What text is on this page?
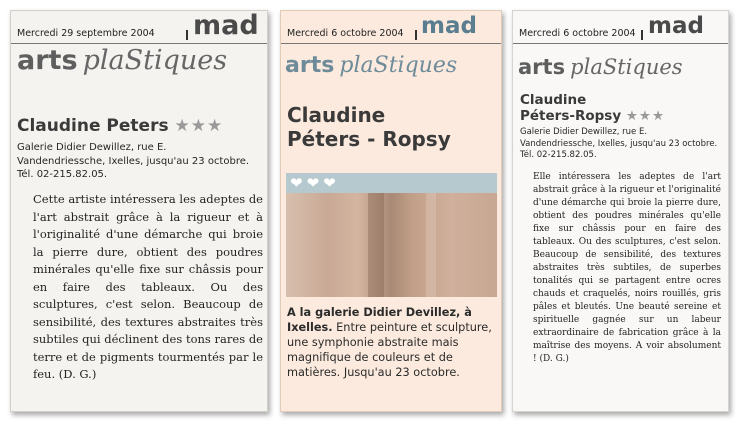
Mercredi 29 septembre 2004 mad
arts plaStiques
Claudine Peters ★★★
Galerie Didier Dewillez, rue E. Vandendriessche, Ixelles, jusqu'au 23 octobre. Tél. 02-215.82.05.
Cette artiste intéressera les adeptes de l'art abstrait grâce à la rigueur et à l'originalité d'une démarche qui broie la pierre dure, obtient des poudres minérales qu'elle fixe sur châssis pour en faire des tableaux. Ou des sculptures, c'est selon. Beaucoup de sensibilité, des textures abstraites très subtiles qui déclinent des tons rares de terre et de pigments tourmentés par le feu. (D. G.)
Mercredi 6 octobre 2004 mad
arts plaStiques
Claudine
Péters - Ropsy
❤❤❤
A la galerie Didier Devillez, à Ixelles. Entre peinture et sculpture, une symphonie abstraite mais magnifique de couleurs et de matières. Jusqu'au 23 octobre.
Mercredi 6 octobre 2004 mad
arts plaStiques
Claudine
Péters-Ropsy ★★★
Galerie Didier Dewillez, rue E. Vandendriessche, Ixelles, jusqu'au 23 octobre. Tél. 02-215.82.05.
Elle intéressera les adeptes de l'art abstrait grâce à la rigueur et l'originalité d'une démarche qui broie la pierre dure, obtient des poudres minérales qu'elle fixe sur châssis pour en faire des tableaux. Ou des sculptures, c'est selon. Beaucoup de sensibilité, des textures abstraites très subtiles, de superbes tonalités qui se partagent entre ocres chauds et craquelés, noirs rouillés, gris pâles et bleutés. Une beauté sereine et spirituelle gagnée sur un labeur extraordinaire de fabrication grâce à la maîtrise des moyens. A voir absolument ! (D. G.)
